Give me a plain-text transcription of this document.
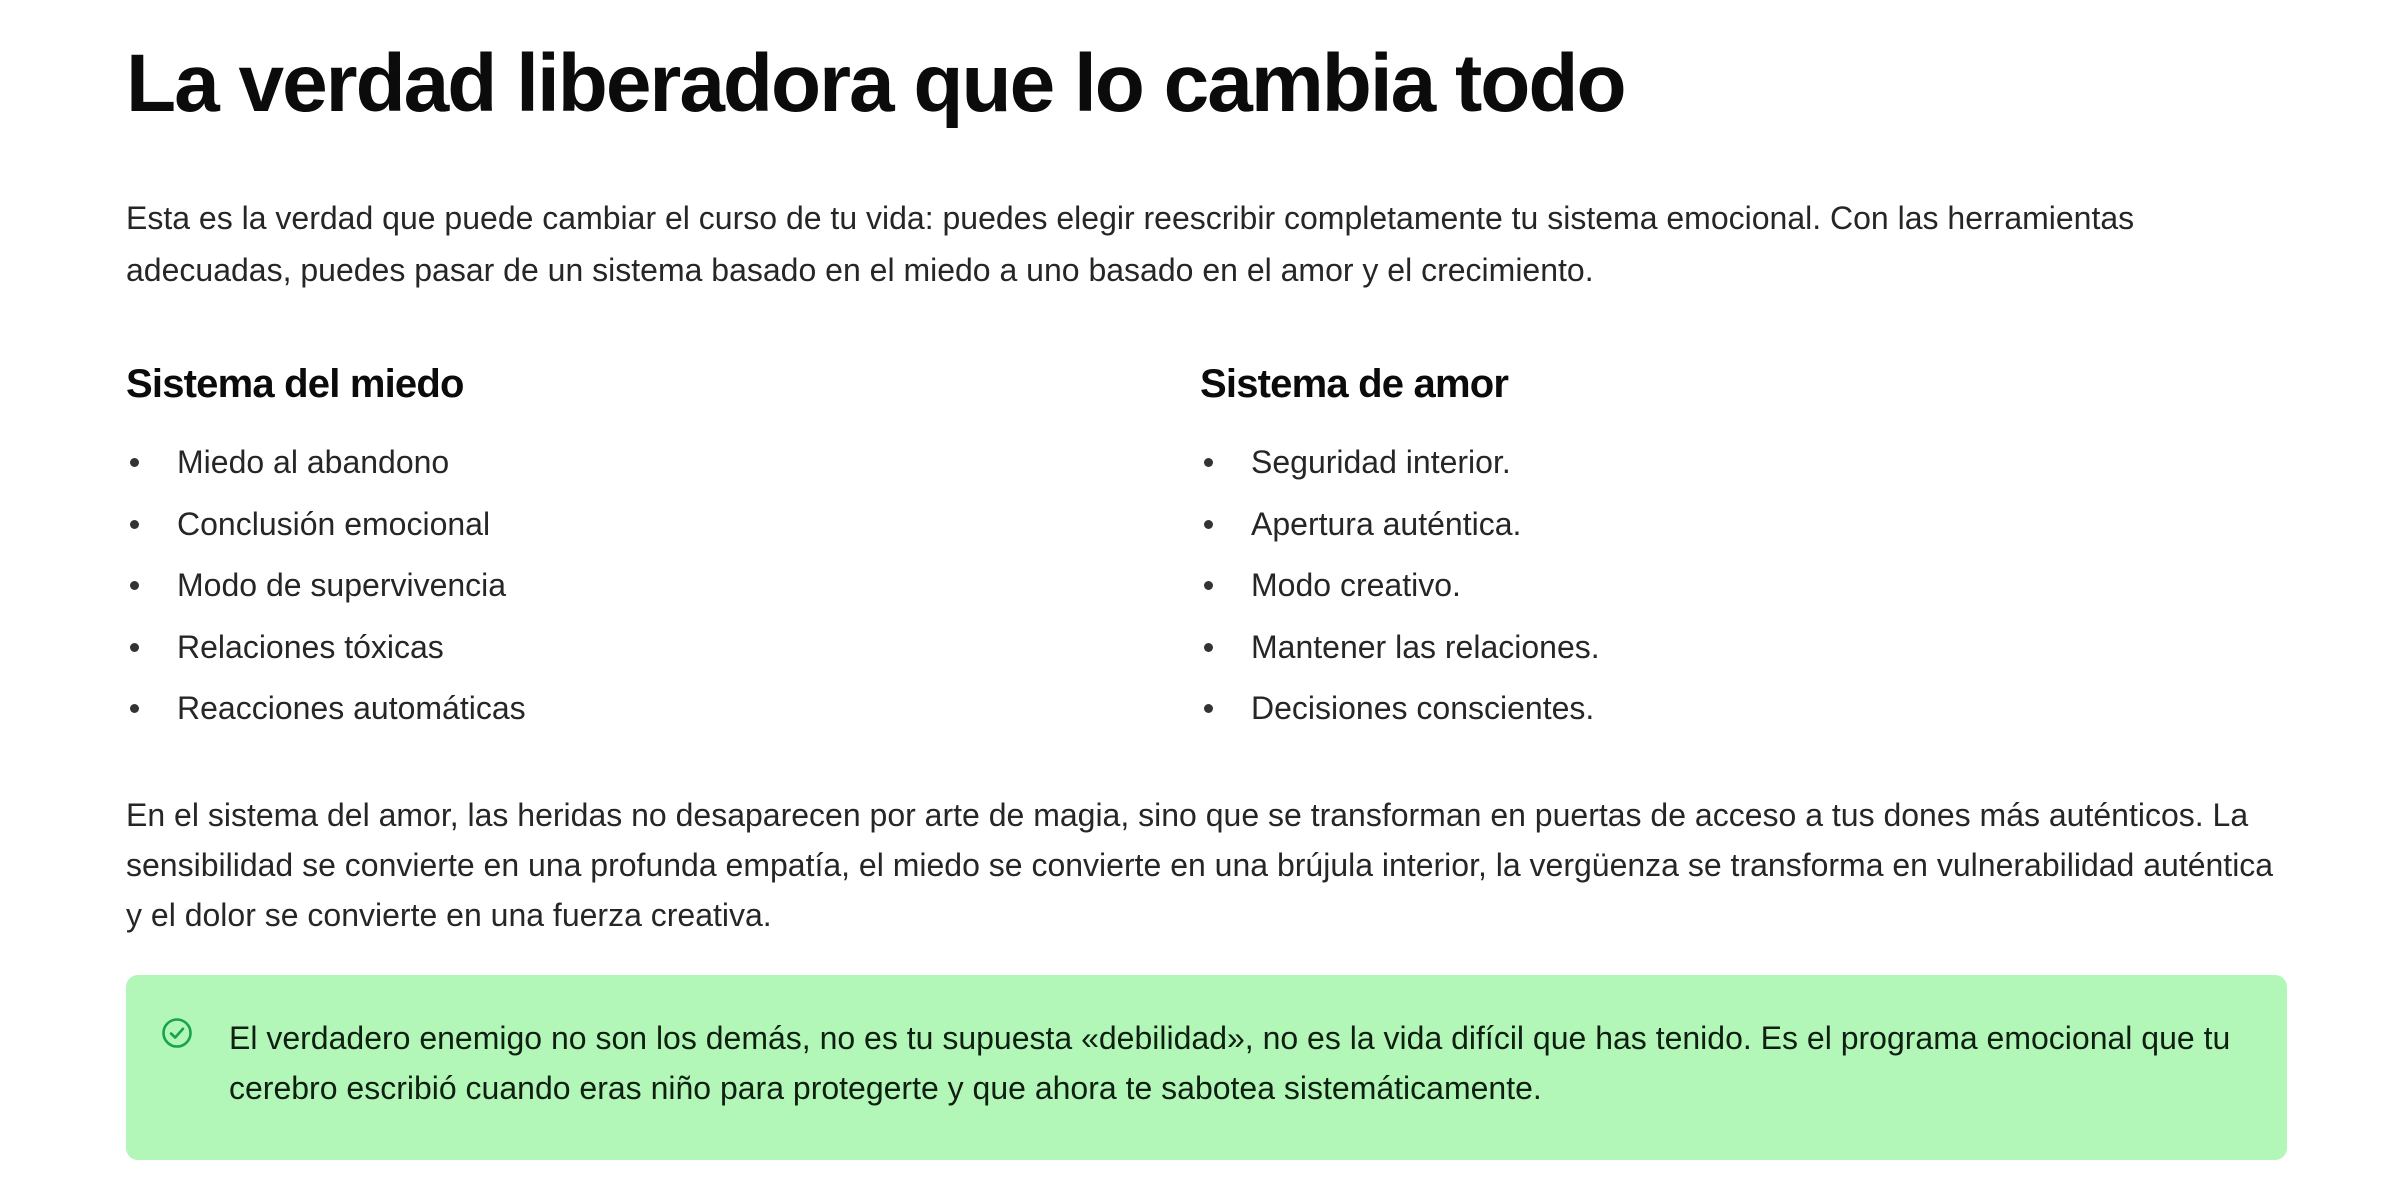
La verdad liberadora que lo cambia todo

Esta es la verdad que puede cambiar el curso de tu vida: puedes elegir reescribir completamente tu sistema emocional. Con las herramientas adecuadas, puedes pasar de un sistema basado en el miedo a uno basado en el amor y el crecimiento.

Sistema del miedo
Miedo al abandono
Conclusión emocional
Modo de supervivencia
Relaciones tóxicas
Reacciones automáticas
Sistema de amor
Seguridad interior.
Apertura auténtica.
Modo creativo.
Mantener las relaciones.
Decisiones conscientes.

En el sistema del amor, las heridas no desaparecen por arte de magia, sino que se transforman en puertas de acceso a tus dones más auténticos. La sensibilidad se convierte en una profunda empatía, el miedo se convierte en una brújula interior, la vergüenza se transforma en vulnerabilidad auténtica y el dolor se convierte en una fuerza creativa.

El verdadero enemigo no son los demás, no es tu supuesta «debilidad», no es la vida difícil que has tenido. Es el programa emocional que tu cerebro escribió cuando eras niño para protegerte y que ahora te sabotea sistemáticamente.
